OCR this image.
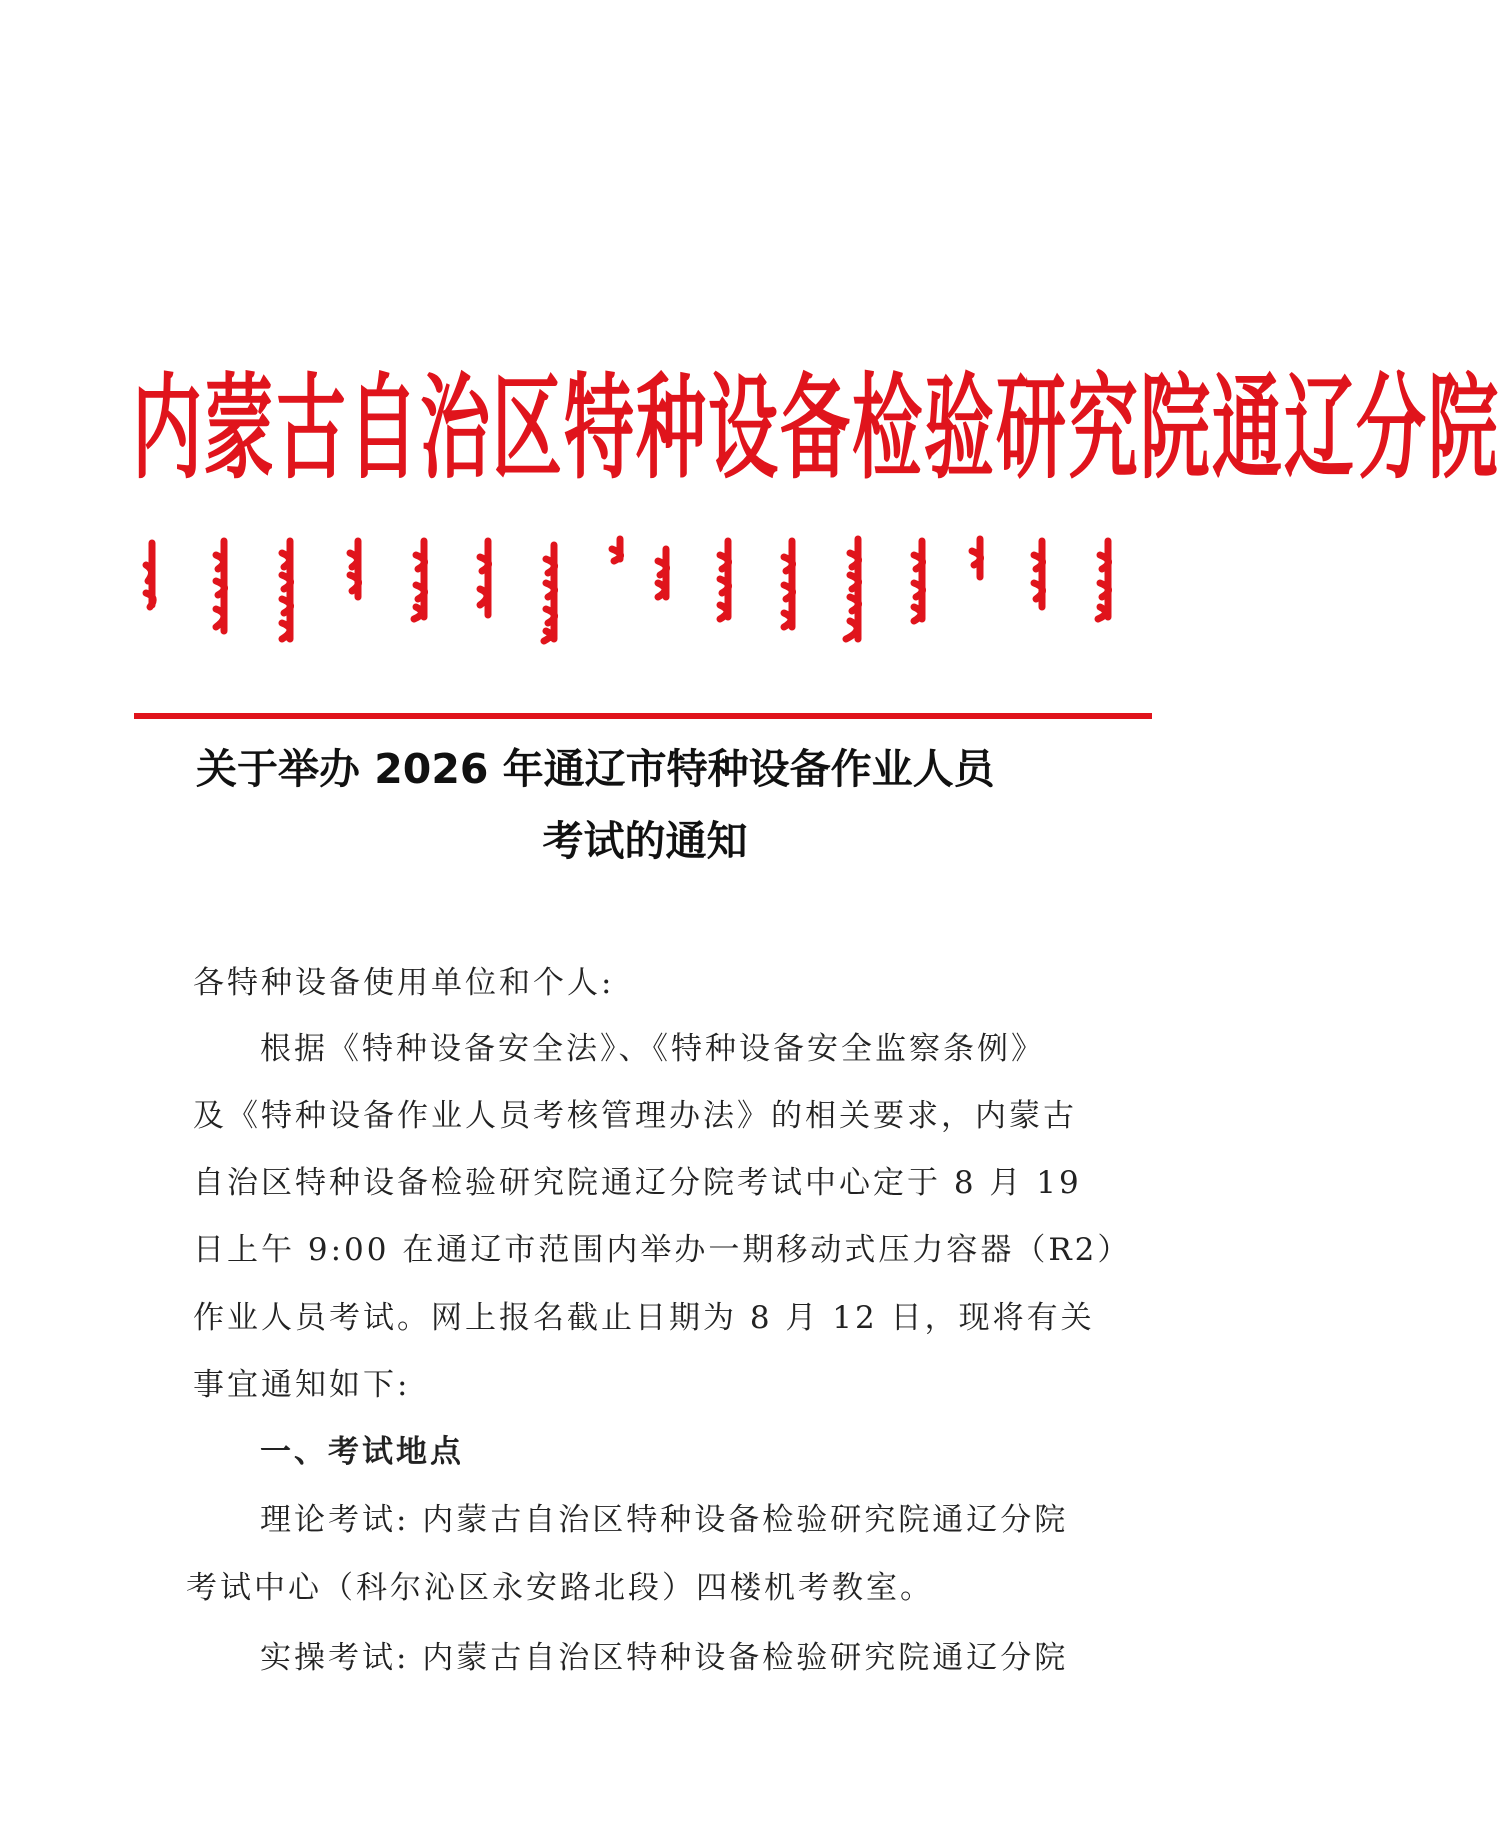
内蒙古自治区特种设备检验研究院通辽分院
关于举办 2026 年通辽市特种设备作业人员
考试的通知
各特种设备使用单位和个人:
根据《特种设备安全法》、《特种设备安全监察条例》
及《特种设备作业人员考核管理办法》的相关要求，内蒙古
自治区特种设备检验研究院通辽分院考试中心定于 8 月 19
日上午 9:00 在通辽市范围内举办一期移动式压力容器（R2）
作业人员考试。网上报名截止日期为 8 月 12 日，现将有关
事宜通知如下:
一、考试地点
理论考试: 内蒙古自治区特种设备检验研究院通辽分院
考试中心（科尔沁区永安路北段）四楼机考教室。
实操考试: 内蒙古自治区特种设备检验研究院通辽分院
